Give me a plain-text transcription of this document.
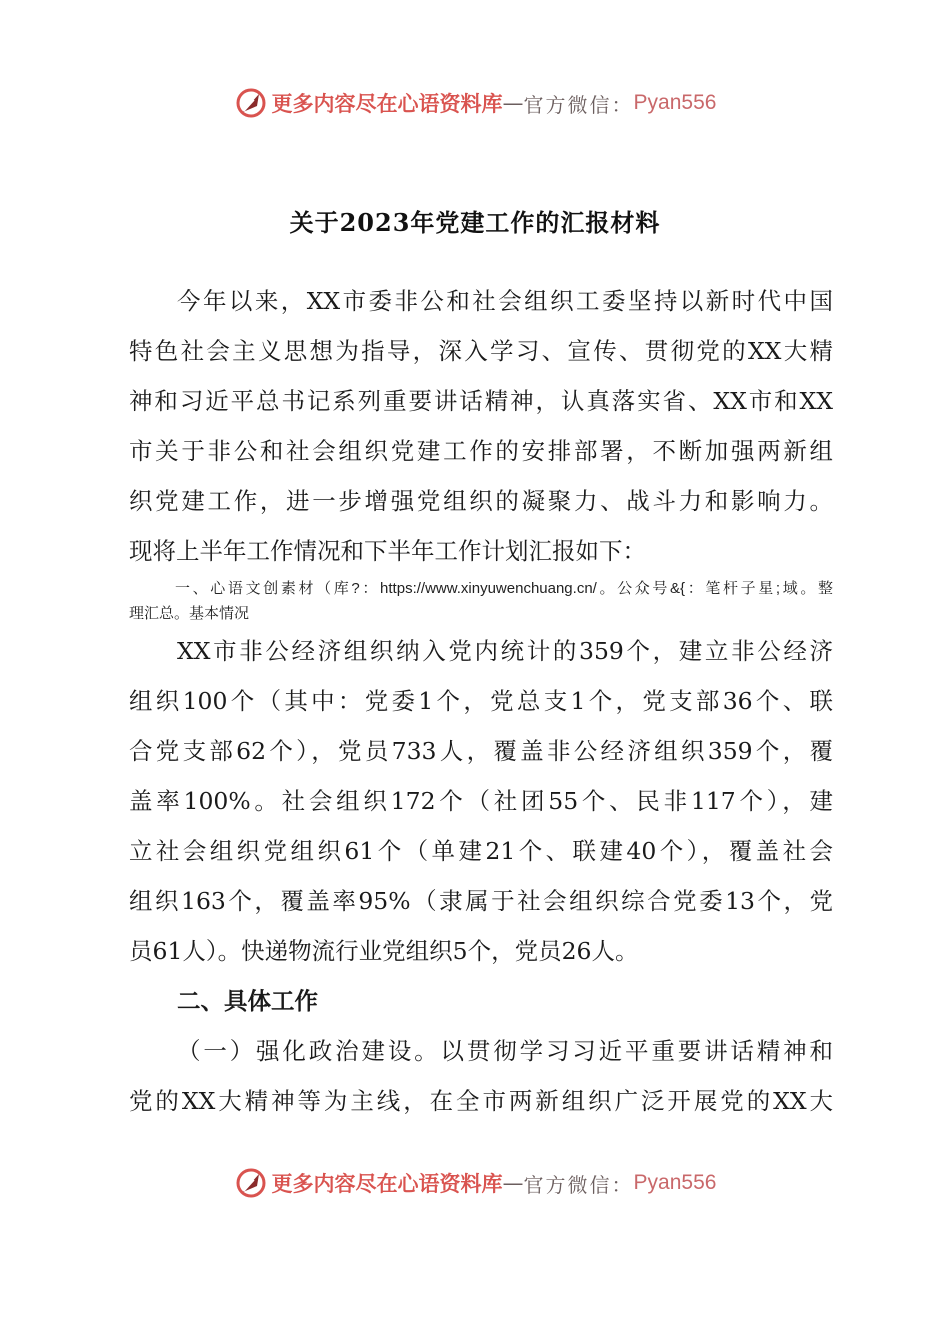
更多内容尽在心语资料库 — 官方微信： Pyan556
关于2023年党建工作的汇报材料
今年以来，XX市委非公和社会组织工委坚持以新时代中国
特色社会主义思想为指导，深入学习、宣传、贯彻党的XX大精
神和习近平总书记系列重要讲话精神，认真落实省、XX市和XX
市关于非公和社会组织党建工作的安排部署，不断加强两新组
织党建工作，进一步增强党组织的凝聚力、战斗力和影响力。
现将上半年工作情况和下半年工作计划汇报如下：
一、心语文创素材（库?：https://www.xinyuwenchuang.cn/。公众号&{：笔杆子星;域。整
理汇总。基本情况
XX市非公经济组织纳入党内统计的359个，建立非公经济
组织100个（其中：党委1个，党总支1个，党支部36个、联
合党支部62个），党员733人，覆盖非公经济组织359个，覆
盖率100%。社会组织172个（社团55个、民非117个），建
立社会组织党组织61个（单建21个、联建40个），覆盖社会
组织163个，覆盖率95%（隶属于社会组织综合党委13个，党
员61人）。快递物流行业党组织5个，党员26人。
二、具体工作
（一）强化政治建设。以贯彻学习习近平重要讲话精神和
党的XX大精神等为主线，在全市两新组织广泛开展党的XX大
更多内容尽在心语资料库 — 官方微信： Pyan556
